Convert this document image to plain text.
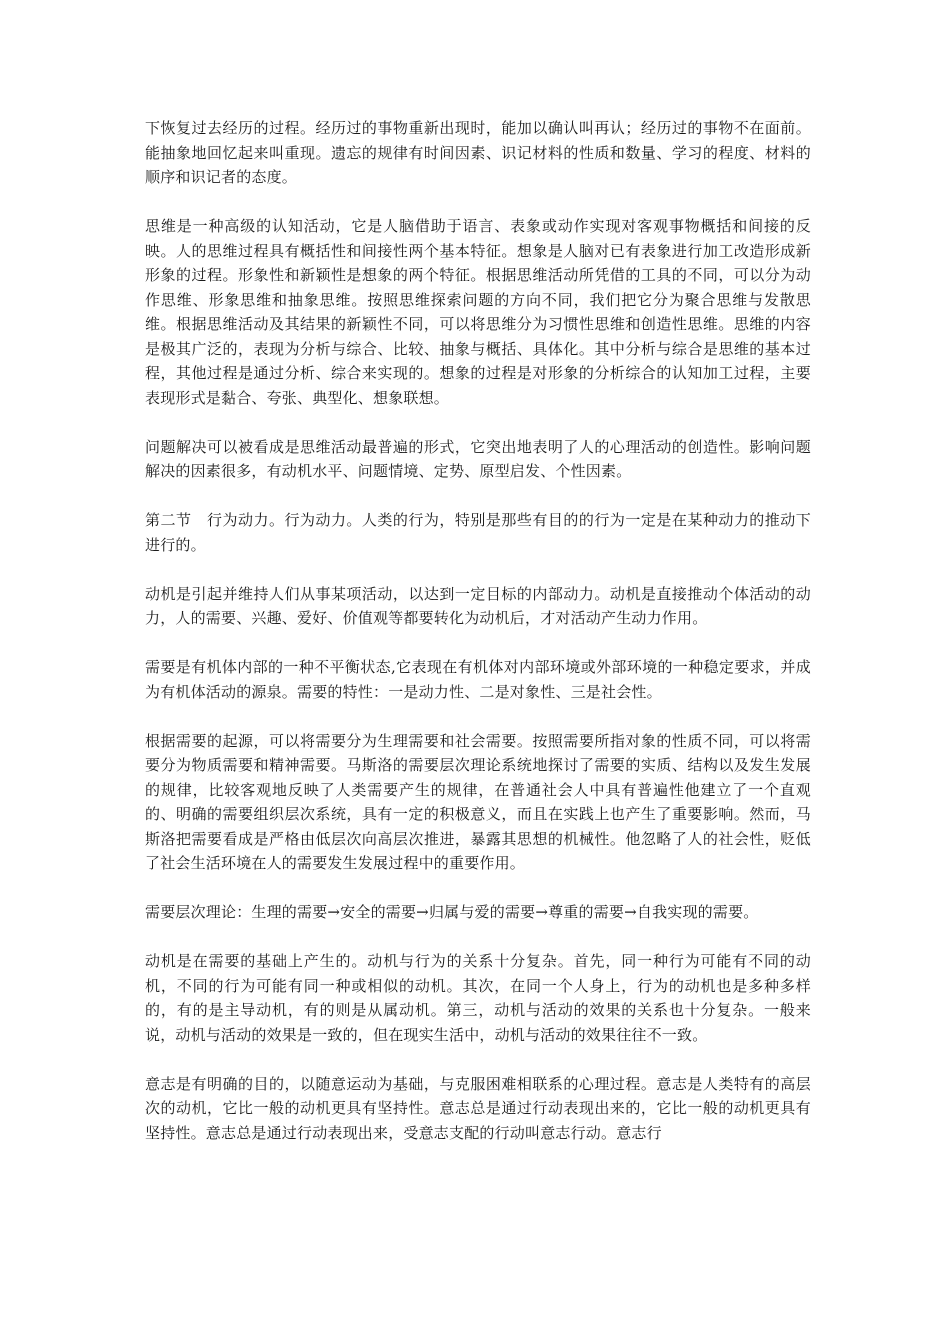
下恢复过去经历的过程。经历过的事物重新出现时，能加以确认叫再认；经历过的事物不在面前。能抽象地回忆起来叫重现。遗忘的规律有时间因素、识记材料的性质和数量、学习的程度、材料的顺序和识记者的态度。

思维是一种高级的认知活动，它是人脑借助于语言、表象或动作实现对客观事物概括和间接的反映。人的思维过程具有概括性和间接性两个基本特征。想象是人脑对已有表象进行加工改造形成新形象的过程。形象性和新颖性是想象的两个特征。根据思维活动所凭借的工具的不同，可以分为动作思维、形象思维和抽象思维。按照思维探索问题的方向不同，我们把它分为聚合思维与发散思维。根据思维活动及其结果的新颖性不同，可以将思维分为习惯性思维和创造性思维。思维的内容是极其广泛的，表现为分析与综合、比较、抽象与概括、具体化。其中分析与综合是思维的基本过程，其他过程是通过分析、综合来实现的。想象的过程是对形象的分析综合的认知加工过程，主要表现形式是黏合、夸张、典型化、想象联想。

问题解决可以被看成是思维活动最普遍的形式，它突出地表明了人的心理活动的创造性。影响问题解决的因素很多，有动机水平、问题情境、定势、原型启发、个性因素。

第二节　行为动力。行为动力。人类的行为，特别是那些有目的的行为一定是在某种动力的推动下进行的。

动机是引起并维持人们从事某项活动，以达到一定目标的内部动力。动机是直接推动个体活动的动力，人的需要、兴趣、爱好、价值观等都要转化为动机后，才对活动产生动力作用。

需要是有机体内部的一种不平衡状态,它表现在有机体对内部环境或外部环境的一种稳定要求，并成为有机体活动的源泉。需要的特性：一是动力性、二是对象性、三是社会性。

根据需要的起源，可以将需要分为生理需要和社会需要。按照需要所指对象的性质不同，可以将需要分为物质需要和精神需要。马斯洛的需要层次理论系统地探讨了需要的实质、结构以及发生发展的规律，比较客观地反映了人类需要产生的规律，在普通社会人中具有普遍性他建立了一个直观的、明确的需要组织层次系统，具有一定的积极意义，而且在实践上也产生了重要影响。然而，马斯洛把需要看成是严格由低层次向高层次推进，暴露其思想的机械性。他忽略了人的社会性，贬低了社会生活环境在人的需要发生发展过程中的重要作用。

需要层次理论：生理的需要→安全的需要→归属与爱的需要→尊重的需要→自我实现的需要。

动机是在需要的基础上产生的。动机与行为的关系十分复杂。首先，同一种行为可能有不同的动机，不同的行为可能有同一种或相似的动机。其次，在同一个人身上，行为的动机也是多种多样的，有的是主导动机，有的则是从属动机。第三，动机与活动的效果的关系也十分复杂。一般来说，动机与活动的效果是一致的，但在现实生活中，动机与活动的效果往往不一致。

意志是有明确的目的，以随意运动为基础，与克服困难相联系的心理过程。意志是人类特有的高层次的动机，它比一般的动机更具有坚持性。意志总是通过行动表现出来的，它比一般的动机更具有坚持性。意志总是通过行动表现出来，受意志支配的行动叫意志行动。意志行
